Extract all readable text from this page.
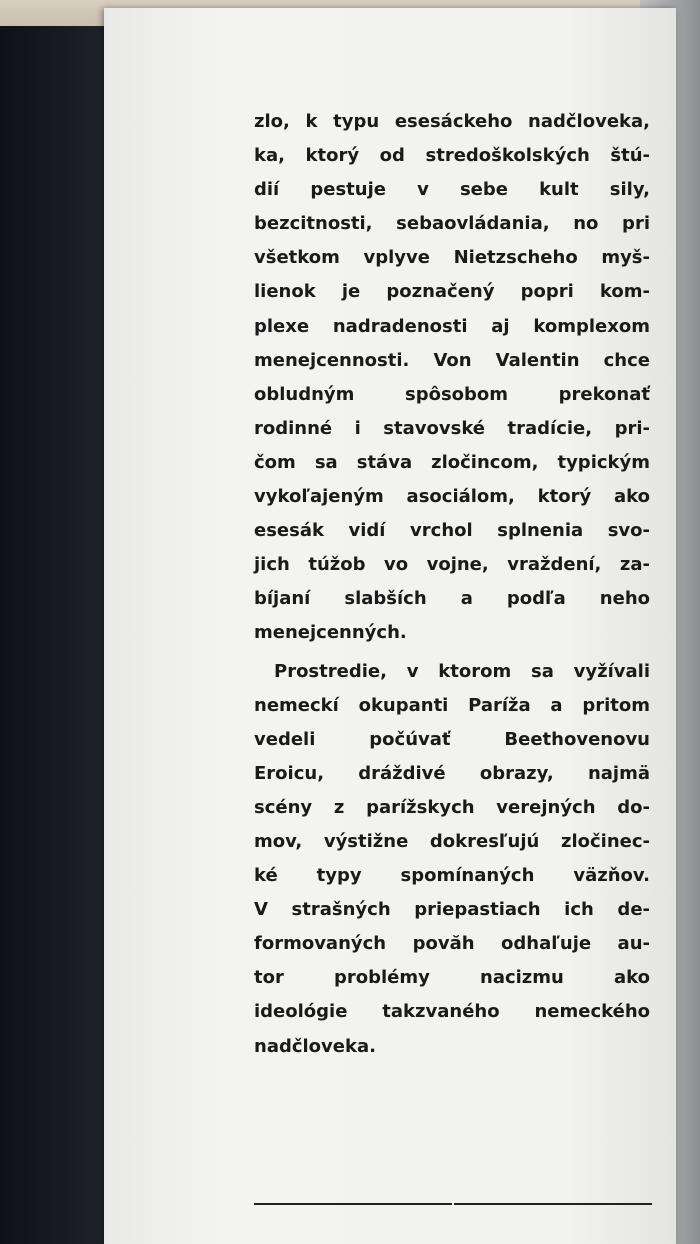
zlo, k typu esesáckeho nadčloveka,
ka, ktorý od stredoškolských štú-
dií pestuje v sebe kult sily,
bezcitnosti, sebaovládania, no pri
všetkom vplyve Nietzscheho myš-
lienok je poznačený popri kom-
plexe nadradenosti aj komplexom
menejcennosti. Von Valentin chce
obludným spôsobom prekonať
rodinné i stavovské tradície, pri-
čom sa stáva zločincom, typickým
vykoľajeným asociálom, ktorý ako
esesák vidí vrchol splnenia svo-
jich túžob vo vojne, vraždení, za-
bíjaní slabších a podľa neho
menejcenných.
Prostredie, v ktorom sa vyžívali
nemeckí okupanti Paríža a pritom
vedeli počúvať Beethovenovu
Eroicu, dráždivé obrazy, najmä
scény z parížskych verejných do-
mov, výstižne dokresľujú zločinec-
ké typy spomínaných väzňov.
V strašných priepastiach ich de-
formovaných povăh odhaľuje au-
tor problémy nacizmu ako
ideológie takzvaného nemeckého
nadčloveka.
